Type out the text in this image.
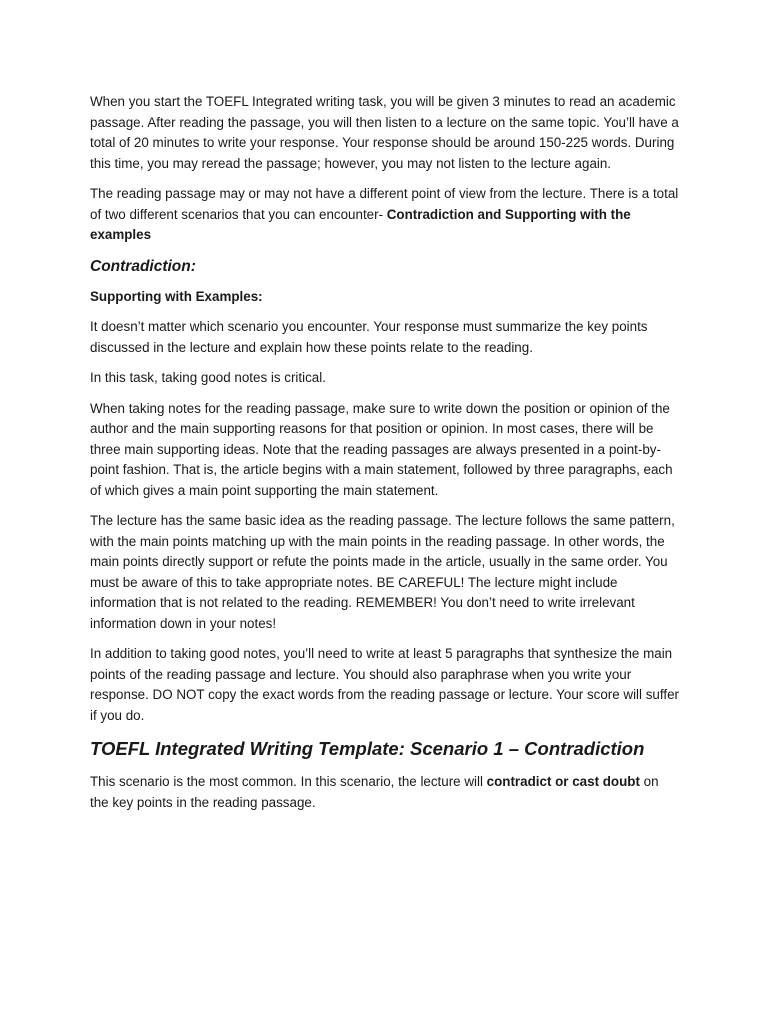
When you start the TOEFL Integrated writing task, you will be given 3 minutes to read an academic passage. After reading the passage, you will then listen to a lecture on the same topic. You’ll have a total of 20 minutes to write your response. Your response should be around 150-225 words. During this time, you may reread the passage; however, you may not listen to the lecture again.

The reading passage may or may not have a different point of view from the lecture. There is a total of two different scenarios that you can encounter- Contradiction and Supporting with the examples

Contradiction:
Supporting with Examples:

It doesn’t matter which scenario you encounter. Your response must summarize the key points discussed in the lecture and explain how these points relate to the reading.

In this task, taking good notes is critical.

When taking notes for the reading passage, make sure to write down the position or opinion of the author and the main supporting reasons for that position or opinion. In most cases, there will be three main supporting ideas. Note that the reading passages are always presented in a point-by-point fashion. That is, the article begins with a main statement, followed by three paragraphs, each of which gives a main point supporting the main statement.

The lecture has the same basic idea as the reading passage. The lecture follows the same pattern, with the main points matching up with the main points in the reading passage. In other words, the main points directly support or refute the points made in the article, usually in the same order. You must be aware of this to take appropriate notes. BE CAREFUL! The lecture might include information that is not related to the reading. REMEMBER! You don’t need to write irrelevant information down in your notes!

In addition to taking good notes, you’ll need to write at least 5 paragraphs that synthesize the main points of the reading passage and lecture. You should also paraphrase when you write your response. DO NOT copy the exact words from the reading passage or lecture. Your score will suffer if you do.

TOEFL Integrated Writing Template: Scenario 1 – Contradiction

This scenario is the most common. In this scenario, the lecture will contradict or cast doubt on the key points in the reading passage.
